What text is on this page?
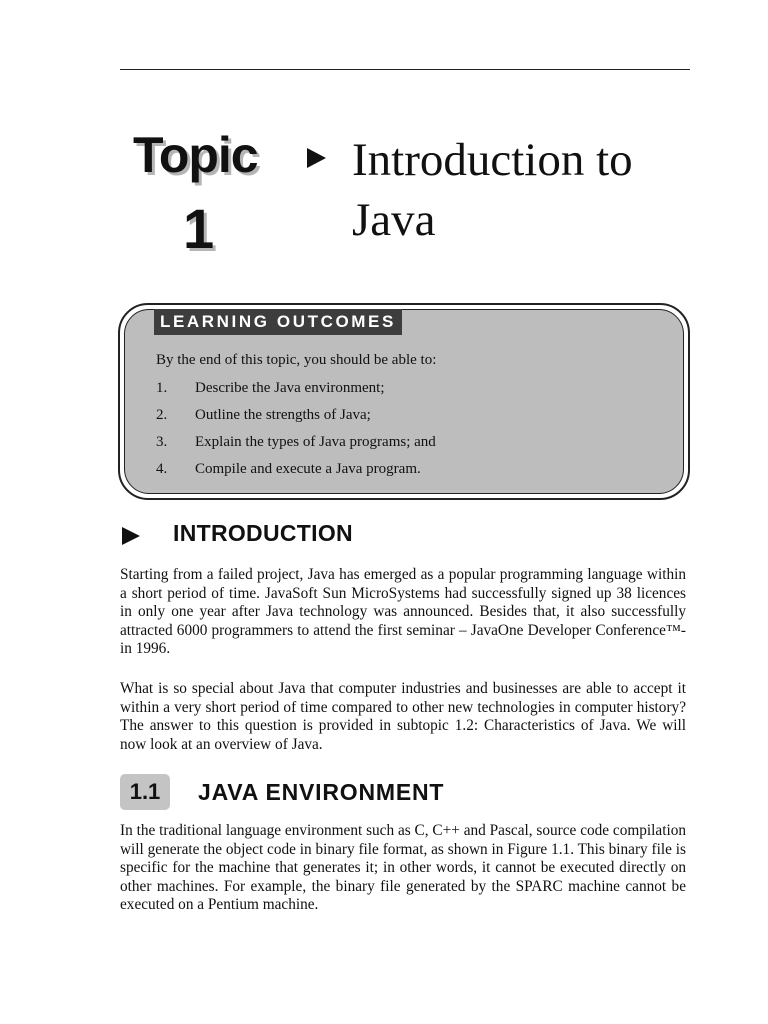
Topic
1
Introduction to Java
LEARNING OUTCOMES
By the end of this topic, you should be able to:
1.	Describe the Java environment;
2.	Outline the strengths of Java;
3.	Explain the types of Java programs; and
4.	Compile and execute a Java program.
INTRODUCTION

Starting from a failed project, Java has emerged as a popular programming language within a short period of time. JavaSoft Sun MicroSystems had successfully signed up 38 licences in only one year after Java technology was announced. Besides that, it also successfully attracted 6000 programmers to attend the first seminar – JavaOne Developer Conference™-in 1996.

What is so special about Java that computer industries and businesses are able to accept it within a very short period of time compared to other new technologies in computer history? The answer to this question is provided in subtopic 1.2: Characteristics of Java. We will now look at an overview of Java.

1.1	JAVA ENVIRONMENT

In the traditional language environment such as C, C++ and Pascal, source code compilation will generate the object code in binary file format, as shown in Figure 1.1. This binary file is specific for the machine that generates it; in other words, it cannot be executed directly on other machines. For example, the binary file generated by the SPARC machine cannot be executed on a Pentium machine.
